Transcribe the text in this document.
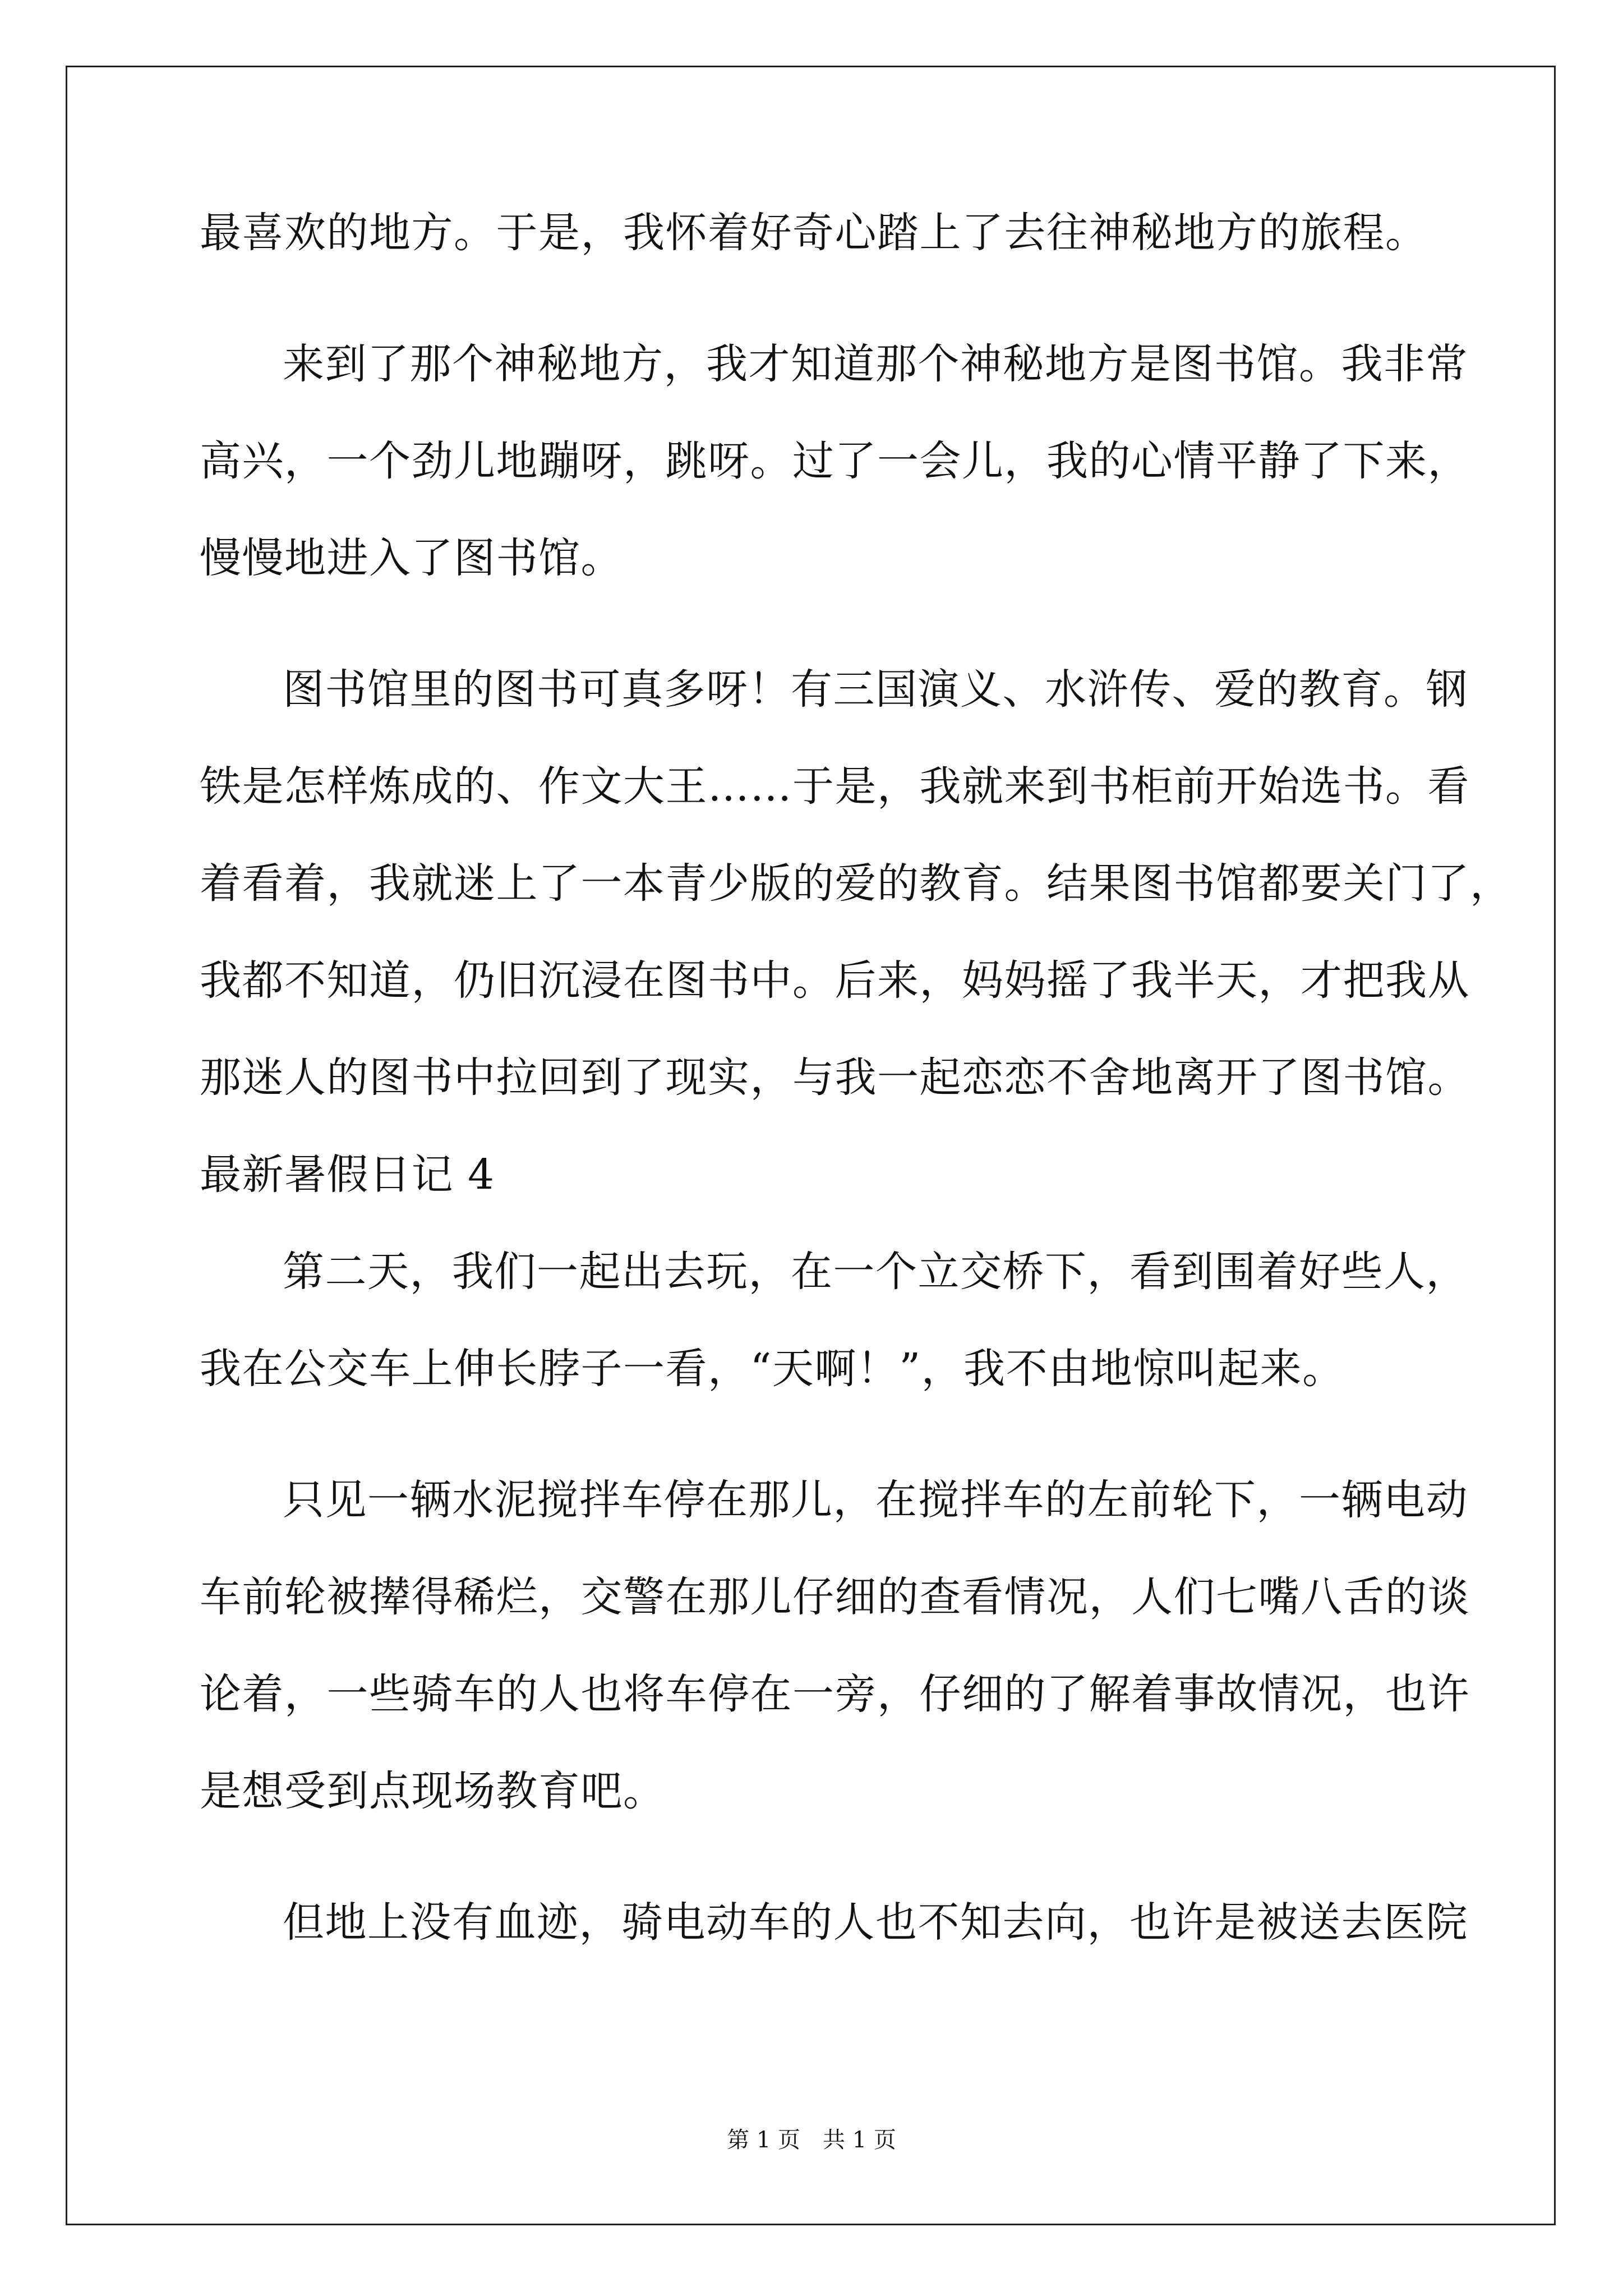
最喜欢的地方。于是，我怀着好奇心踏上了去往神秘地方的旅程。
来到了那个神秘地方，我才知道那个神秘地方是图书馆。我非常
高兴，一个劲儿地蹦呀，跳呀。过了一会儿，我的心情平静了下来，
慢慢地进入了图书馆。
图书馆里的图书可真多呀！有三国演义、水浒传、爱的教育。钢
铁是怎样炼成的、作文大王……于是，我就来到书柜前开始选书。看
着看着，我就迷上了一本青少版的爱的教育。结果图书馆都要关门了，
我都不知道，仍旧沉浸在图书中。后来，妈妈摇了我半天，才把我从
那迷人的图书中拉回到了现实，与我一起恋恋不舍地离开了图书馆。
最新暑假日记 4
第二天，我们一起出去玩，在一个立交桥下，看到围着好些人，
我在公交车上伸长脖子一看，“天啊！”，我不由地惊叫起来。
只见一辆水泥搅拌车停在那儿，在搅拌车的左前轮下，一辆电动
车前轮被撵得稀烂，交警在那儿仔细的查看情况，人们七嘴八舌的谈
论着，一些骑车的人也将车停在一旁，仔细的了解着事故情况，也许
是想受到点现场教育吧。
但地上没有血迹，骑电动车的人也不知去向，也许是被送去医院
第 1 页 共 1 页
